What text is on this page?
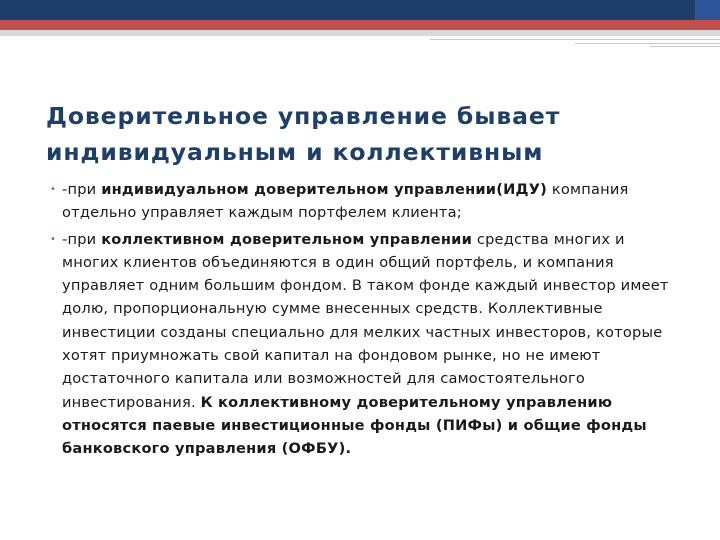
Доверительное управление бывает индивидуальным и коллективным
• -при индивидуальном доверительном управлении(ИДУ) компания отдельно управляет каждым портфелем клиента;
• -при коллективном доверительном управлении средства многих и многих клиентов объединяются в один общий портфель, и компания управляет одним большим фондом. В таком фонде каждый инвестор имеет долю, пропорциональную сумме внесенных средств. Коллективные инвестиции созданы специально для мелких частных инвесторов, которые хотят приумножать свой капитал на фондовом рынке, но не имеют достаточного капитала или возможностей для самостоятельного инвестирования. К коллективному доверительному управлению относятся паевые инвестиционные фонды (ПИФы) и общие фонды банковского управления (ОФБУ).
